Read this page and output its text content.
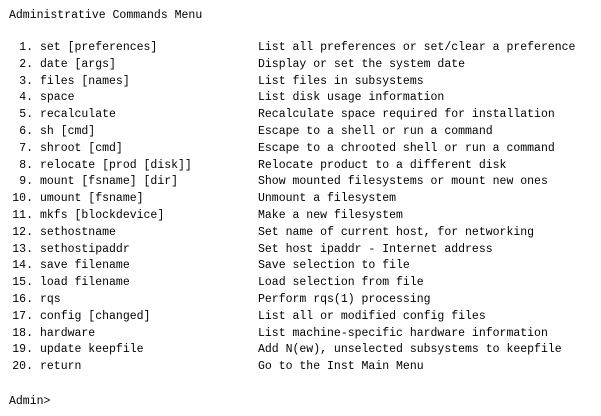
Administrative Commands Menu
1. set [preferences]	List all preferences or set/clear a preference
2. date [args]	Display or set the system date
3. files [names]	List files in subsystems
4. space	List disk usage information
5. recalculate	Recalculate space required for installation
6. sh [cmd]	Escape to a shell or run a command
7. shroot [cmd]	Escape to a chrooted shell or run a command
8. relocate [prod [disk]]	Relocate product to a different disk
9. mount [fsname] [dir]	Show mounted filesystems or mount new ones
10. umount [fsname]	Unmount a filesystem
11. mkfs [blockdevice]	Make a new filesystem
12. sethostname	Set name of current host, for networking
13. sethostipaddr	Set host ipaddr - Internet address
14. save filename	Save selection to file
15. load filename	Load selection from file
16. rqs	Perform rqs(1) processing
17. config [changed]	List all or modified config files
18. hardware	List machine-specific hardware information
19. update keepfile	Add N(ew), unselected subsystems to keepfile
20. return	Go to the Inst Main Menu
Admin>
